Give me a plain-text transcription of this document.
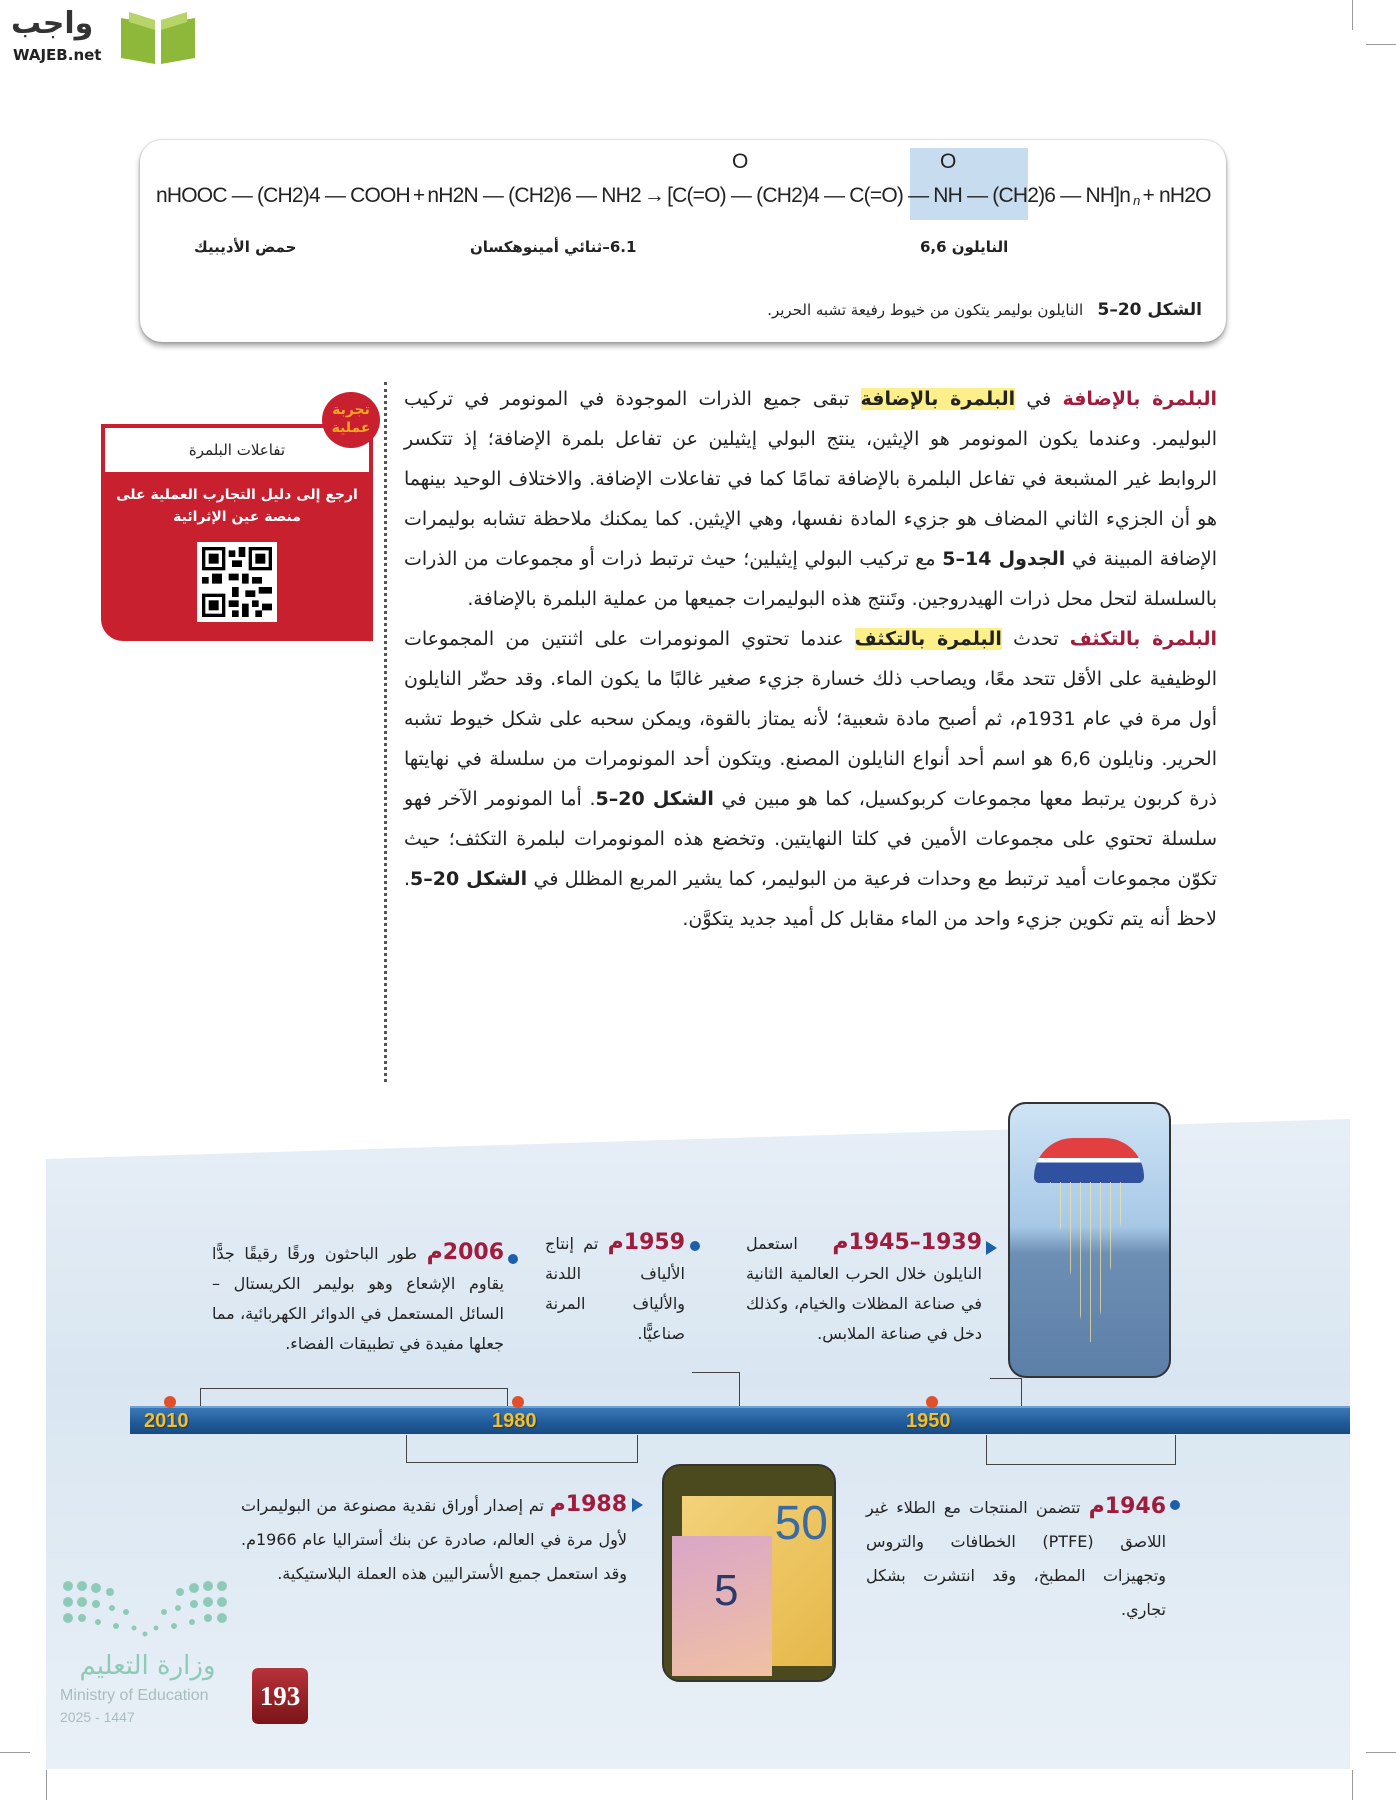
واجب
WAJEB.net
O	O
nHOOC — (CH2)4 — COOH + nH2N — (CH2)6 — NH2 → [C(=O) — (CH2)4 — C(=O) — NH — (CH2)6 — $NH]n_n + nH2O$
حمض الأديبيك	6.1–ثنائي أمينوهكسان	النايلون 6,6
الشكل 20–5   النايلون بوليمر يتكون من خيوط رفيعة تشبه الحرير.

البلمرة بالإضافة في البلمرة بالإضافة تبقى جميع الذرات الموجودة في المونومر في تركيب البوليمر. وعندما يكون المونومر هو الإيثين، ينتج البولي إيثيلين عن تفاعل بلمرة الإضافة؛ إذ تتكسر الروابط غير المشبعة في تفاعل البلمرة بالإضافة تمامًا كما في تفاعلات الإضافة. والاختلاف الوحيد بينهما هو أن الجزيء الثاني المضاف هو جزيء المادة نفسها، وهي الإيثين. كما يمكنك ملاحظة تشابه بوليمرات الإضافة المبينة في الجدول 14–5 مع تركيب البولي إيثيلين؛ حيث ترتبط ذرات أو مجموعات من الذرات بالسلسلة لتحل محل ذرات الهيدروجين. وتَنتج هذه البوليمرات جميعها من عملية البلمرة بالإضافة.

البلمرة بالتكثف تحدث البلمرة بالتكثف عندما تحتوي المونومرات على اثنتين من المجموعات الوظيفية على الأقل تتحد معًا، ويصاحب ذلك خسارة جزيء صغير غالبًا ما يكون الماء. وقد حضّر النايلون أول مرة في عام 1931م، ثم أصبح مادة شعبية؛ لأنه يمتاز بالقوة، ويمكن سحبه على شكل خيوط تشبه الحرير. ونايلون 6,6 هو اسم أحد أنواع النايلون المصنع. ويتكون أحد المونومرات من سلسلة في نهايتها ذرة كربون يرتبط معها مجموعات كربوكسيل، كما هو مبين في الشكل 20–5. أما المونومر الآخر فهو سلسلة تحتوي على مجموعات الأمين في كلتا النهايتين. وتخضع هذه المونومرات لبلمرة التكثف؛ حيث تكوّن مجموعات أميد ترتبط مع وحدات فرعية من البوليمر، كما يشير المربع المظلل في الشكل 20–5. لاحظ أنه يتم تكوين جزيء واحد من الماء مقابل كل أميد جديد يتكوَّن.

تفاعلات البلمرة
ارجع إلى دليل التجارب العملية على منصة عين الإثرائية
تجربة عملية
50
5
2010	1980	1950
1939–1945م استعمل النايلون خلال الحرب العالمية الثانية في صناعة المظلات والخيام، وكذلك دخل في صناعة الملابس.
1959م تم إنتاج الألياف اللدنة والألياف المرنة صناعيًّا.
2006م طور الباحثون ورقًا رقيقًا جدًّا يقاوم الإشعاع وهو بوليمر الكريستال – السائل المستعمل في الدوائر الكهربائية، مما جعلها مفيدة في تطبيقات الفضاء.
1946م تتضمن المنتجات مع الطلاء غير اللاصق (PTFE) الخطافات والتروس وتجهيزات المطبخ، وقد انتشرت بشكل تجاري.
1988م تم إصدار أوراق نقدية مصنوعة من البوليمرات لأول مرة في العالم، صادرة عن بنك أستراليا عام 1966م. وقد استعمل جميع الأستراليين هذه العملة البلاستيكية.
وزارة التعليم
Ministry of Education
2025 - 1447
193
